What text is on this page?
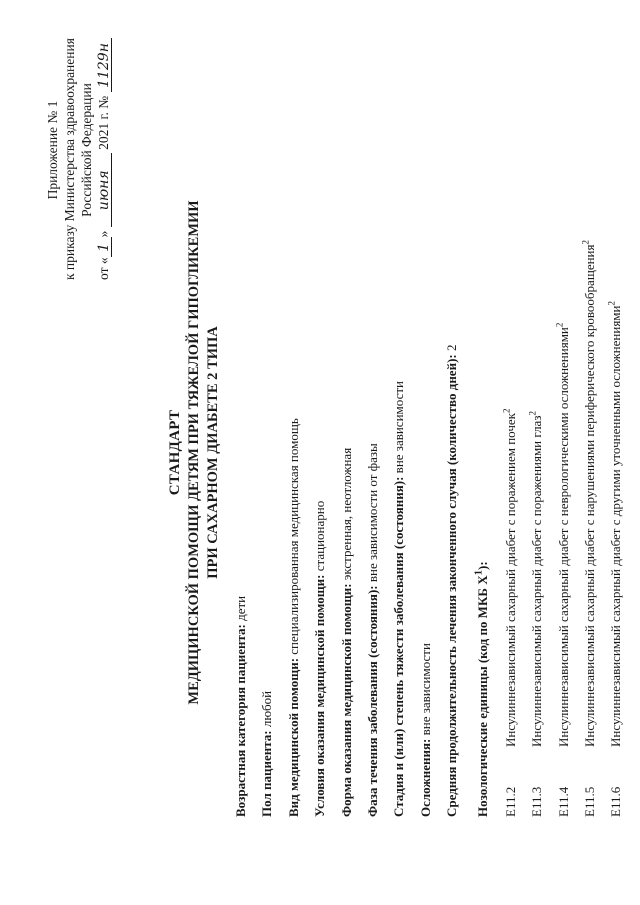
Приложение № 1 к приказу Министерства здравоохранения Российской Федерации
от «1» июня 2021 г. № 1129н
СТАНДАРТ МЕДИЦИНСКОЙ ПОМОЩИ ДЕТЯМ ПРИ ТЯЖЕЛОЙ ГИПОГЛИКЕМИИ ПРИ САХАРНОМ ДИАБЕТЕ 2 ТИПА
Возрастная категория пациента: дети
Пол пациента: любой Вид медицинской помощи: специализированная медицинская помощь
Условия оказания медицинской помощи: стационарно
Форма оказания медицинской помощи: экстренная, неотложная
Фаза течения заболевания (состояния): вне зависимости от фазы Стадия и (или) степень тяжести заболевания (состояния): вне зависимости
Осложнения: вне зависимости Средняя продолжительность лечения законченного случая (количество дней): 2
Нозологические единицы (код по МКБ $X^1$):
E11.2
Инсулиннезависимый сахарный диабет с поражением почек$^2$
E11.3
Инсулиннезависимый сахарный диабет с поражениями глаз$^2$
E11.4
Инсулиннезависимый сахарный диабет с неврологическими осложнениями$^2$
E11.5
Инсулиннезависимый сахарный диабет с нарушениями периферического кровообращения$^2$
E11.6
Инсулиннезависимый сахарный диабет с другими уточненными осложнениями$^2$
